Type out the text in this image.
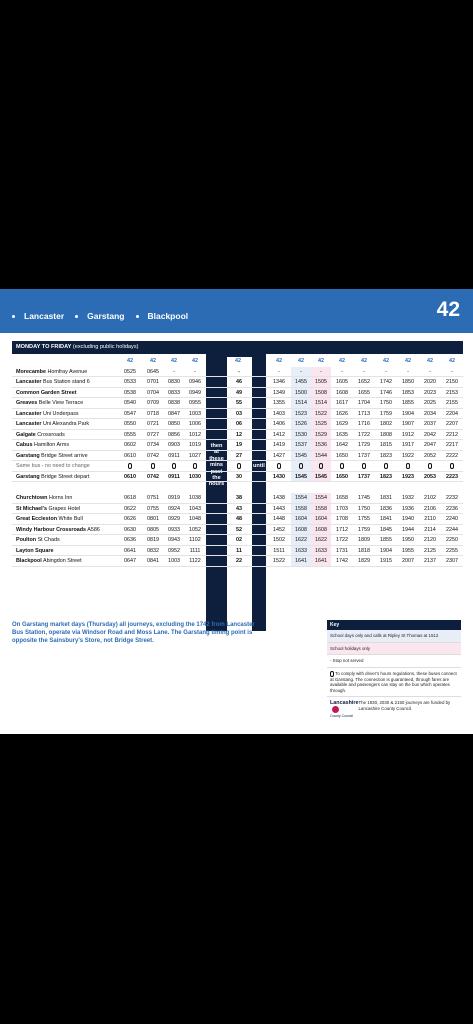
Lancaster	Garstang	Blackpool	42
MONDAY TO FRIDAY (excluding public holidays)
then
at
these
mins
past
the
hours
until
42	42	42	42	42	42	42	42	42	42	42	42	42	42
Morecambe Homfray Avenue	0525	0645	-	-	-	-	-	-	-	-	-	-	-	-
Lancaster Bus Station stand 6	0533	0701	0830	0946	46	1346	1455	1505	1605	1652	1742	1850	2020	2150
Common Garden Street	0538	0704	0833	0949	49	1349	1500	1508	1608	1655	1746	1853	2023	2153
Greaves Belle View Terrace	0540	0709	0838	0955	55	1355	1514	1514	1617	1704	1750	1855	2025	2155
Lancaster Uni Underpass	0547	0718	0847	1003	03	1403	1523	1522	1626	1713	1759	1904	2034	2204
Lancaster Uni Alexandra Park	0550	0721	0850	1006	06	1406	1526	1525	1629	1716	1802	1907	2037	2207
Galgate Crossroads	0555	0727	0856	1012	12	1412	1530	1529	1635	1722	1808	1912	2042	2212
Cabus Hamilton Arms	0602	0734	0903	1019	19	1419	1537	1536	1642	1729	1815	1917	2047	2217
Garstang Bridge Street arrive	0610	0742	0911	1027	27	1427	1545	1544	1650	1737	1823	1922	2052	2222
Same bus - no need to change
Garstang Bridge Street depart	0610	0742	0911	1030	30	1430	1545	1545	1650	1737	1823	1923	2053	2223
Churchtown Horns Inn	0618	0751	0919	1038	38	1438	1554	1554	1658	1745	1831	1932	2102	2232
St Michael's Grapes Hotel	0622	0755	0924	1043	43	1443	1558	1558	1703	1750	1836	1936	2106	2236
Great Eccleston White Bull	0626	0801	0929	1048	48	1448	1604	1604	1708	1755	1841	1940	2110	2240
Windy Harbour Crossroads A586	0630	0805	0933	1052	52	1452	1608	1608	1712	1759	1845	1944	2114	2244
Poulton St Chads	0636	0819	0943	1102	02	1502	1622	1622	1722	1809	1855	1950	2120	2250
Layton Square	0641	0832	0952	1111	11	1511	1633	1633	1731	1818	1904	1955	2125	2255
Blackpool Abingdon Street	0647	0841	1003	1122	22	1522	1641	1641	1742	1829	1915	2007	2137	2307
On Garstang market days (Thursday) all journeys, excluding the 1742 from Lancaster Bus Station, operate via Windsor Road and Moss Lane. The Garstang timing point is opposite the Sainsbury's Store, not Bridge Street.
Key
School days only and calls at Ripley St Thomas at 1512
School holidays only
- Stop not served
To comply with driver's hours regulations, these buses connect at Garstang. The connection is guaranteed, through fares are available and passengers can stay on the bus which operates through.
Lancashire
County Council
The 1930, 2030 & 2150 journeys are funded by Lancashire County Council.
